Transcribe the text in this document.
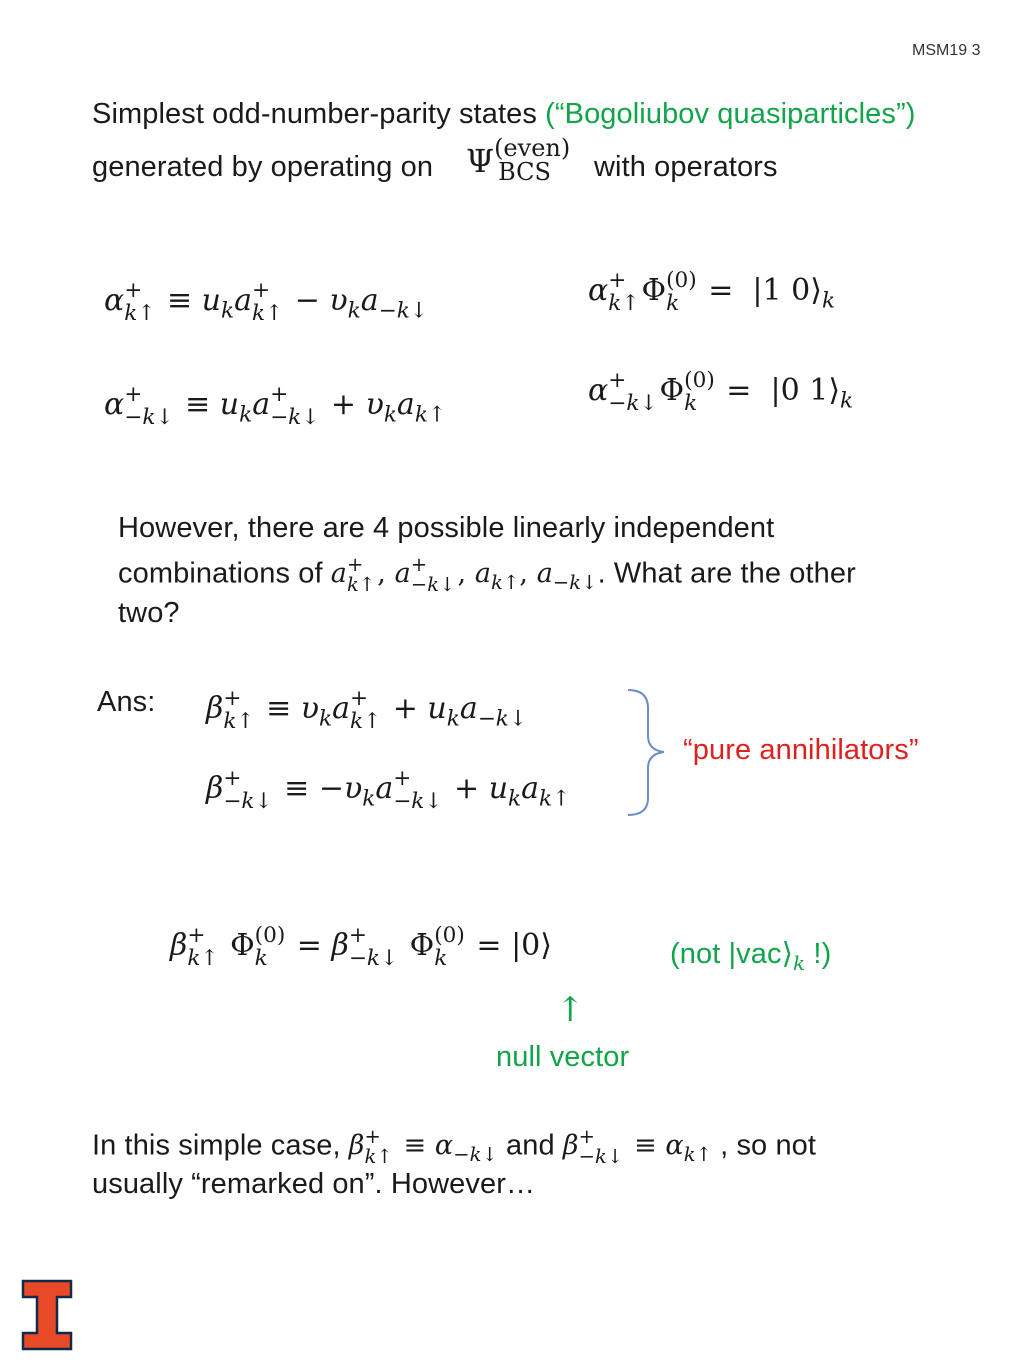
MSM19 3
Simplest odd-number-parity states (“Bogoliubov quasiparticles”)
generated by operating on Ψ (even)
BCS	with operators
α +
k↑ ≡ $u_ka$ +
k↑ − $\upsilon_ka_{-k↓}$
α +
−k↓ ≡ $u_ka$ +
−k↓ + $\upsilon_ka_{k↑}$
α +
k↑ Φ (0)
k =  |1 $0⟩_k$
α +
−k↓ Φ (0)
k =  |0 $1⟩_k$
However, there are 4 possible linearly independent
combinations of a +
k↑ , a +
−k↓ , $a_{k↑}$, $a_{-k↓}$. What are the other
two?
Ans: β +
k↑ ≡ $\upsilon_ka$ +
k↑ + $u_ka_{-k↓}$
β +
−k↓ ≡ $-\upsilon_ka$ +
−k↓ + $u_ka_{k↑}$
“pure annihilators”
β +
k↑ Φ (0)
k = β +
−k↓ Φ (0)
k = |0⟩	(not $|vac⟩_k$ !)
↑
null vector
In this simple case, β +
k↑ ≡ $\alpha_{-k↓}$ and β +
−k↓ ≡ $\alpha_{k↑}$ , so not
usually “remarked on”. However…
